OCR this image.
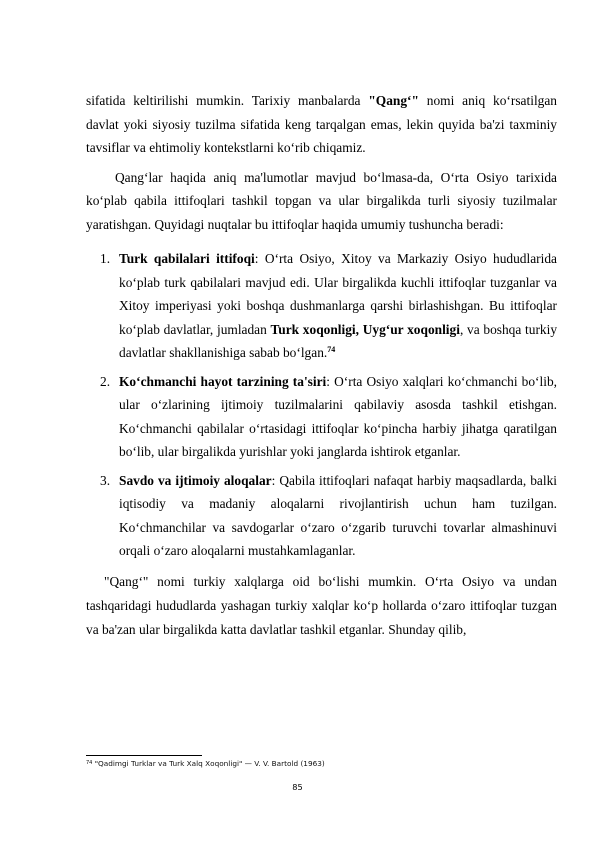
sifatida keltirilishi mumkin. Tarixiy manbalarda "Qang‘" nomi aniq ko‘rsatilgan davlat yoki siyosiy tuzilma sifatida keng tarqalgan emas, lekin quyida ba'zi taxminiy tavsiflar va ehtimoliy kontekstlarni ko‘rib chiqamiz.

Qang‘lar haqida aniq ma'lumotlar mavjud bo‘lmasa-da, O‘rta Osiyo tarixida ko‘plab qabila ittifoqlari tashkil topgan va ular birgalikda turli siyosiy tuzilmalar yaratishgan. Quyidagi nuqtalar bu ittifoqlar haqida umumiy tushuncha beradi:

1. Turk qabilalari ittifoqi: O‘rta Osiyo, Xitoy va Markaziy Osiyo hududlarida ko‘plab turk qabilalari mavjud edi. Ular birgalikda kuchli ittifoqlar tuzganlar va Xitoy imperiyasi yoki boshqa dushmanlarga qarshi birlashishgan. Bu ittifoqlar ko‘plab davlatlar, jumladan Turk xoqonligi, Uyg‘ur xoqonligi, va boshqa turkiy davlatlar shakllanishiga sabab bo‘lgan.$^{74}$
2. Ko‘chmanchi hayot tarzining ta'siri: O‘rta Osiyo xalqlari ko‘chmanchi bo‘lib, ular o‘zlarining ijtimoiy tuzilmalarini qabilaviy asosda tashkil etishgan. Ko‘chmanchi qabilalar o‘rtasidagi ittifoqlar ko‘pincha harbiy jihatga qaratilgan bo‘lib, ular birgalikda yurishlar yoki janglarda ishtirok etganlar.
3. Savdo va ijtimoiy aloqalar: Qabila ittifoqlari nafaqat harbiy maqsadlarda, balki iqtisodiy va madaniy aloqalarni rivojlantirish uchun ham tuzilgan. Ko‘chmanchilar va savdogarlar o‘zaro o‘zgarib turuvchi tovarlar almashinuvi orqali o‘zaro aloqalarni mustahkamlaganlar.

"Qang‘" nomi turkiy xalqlarga oid bo‘lishi mumkin. O‘rta Osiyo va undan tashqaridagi hududlarda yashagan turkiy xalqlar ko‘p hollarda o‘zaro ittifoqlar tuzgan va ba'zan ular birgalikda katta davlatlar tashkil etganlar. Shunday qilib,

$^{74}$ "Qadimgi Turklar va Turk Xalq Xoqonligi" — V. V. Bartold (1963)
85
